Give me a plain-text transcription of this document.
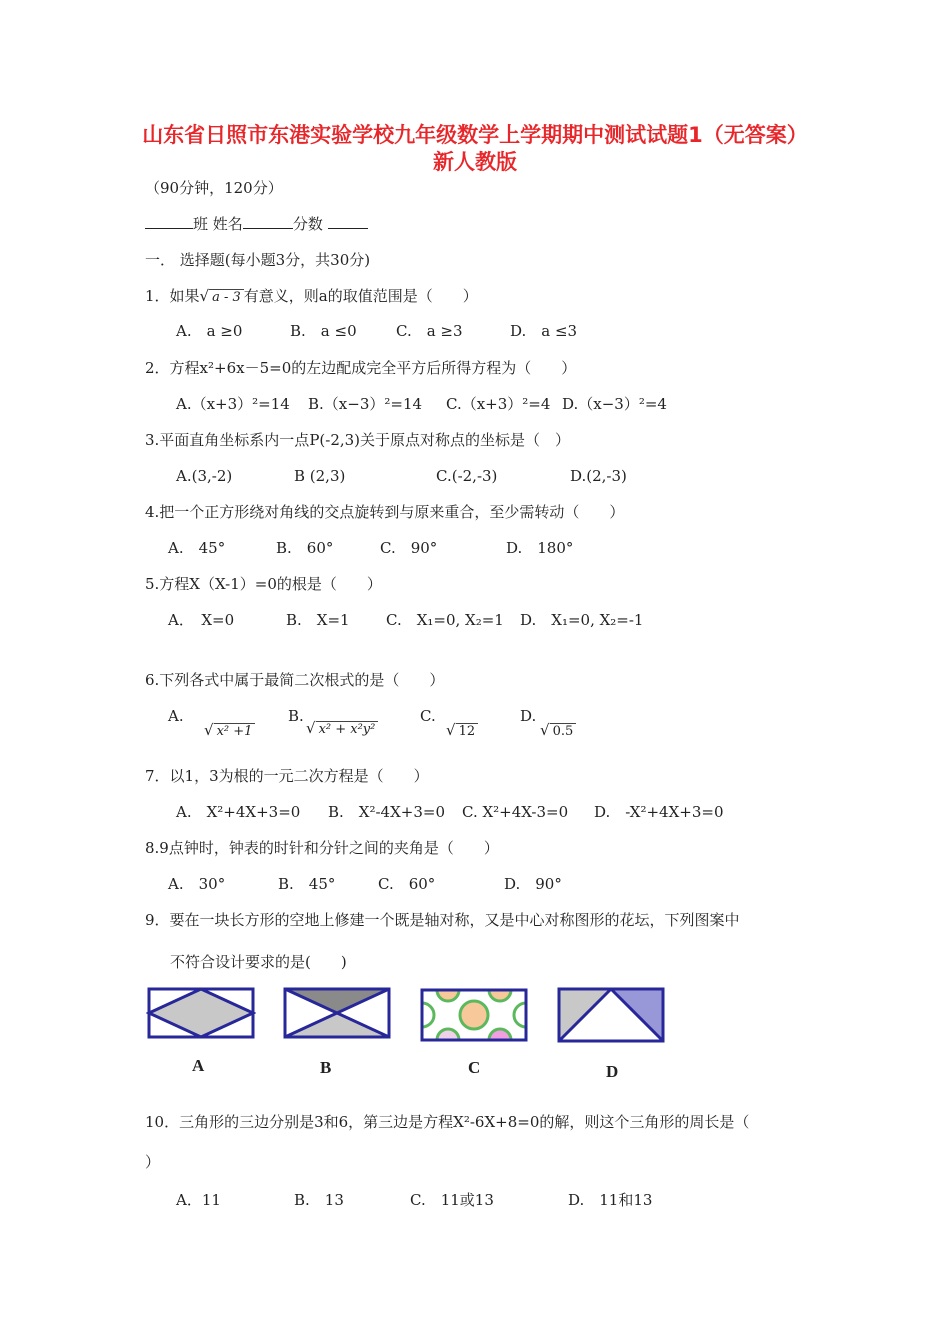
山东省日照市东港实验学校九年级数学上学期期中测试试题1（无答案） 新人教版
（90分钟，120分）
班 姓名	分数
一． 选择题(每小题3分，共30分)
1．如果√ a - 3 有意义，则a的取值范围是（　　）
A.　a ≥0	B.　a ≤0	C.　a ≥3	D.　a ≤3
2．方程x²+6x－5=0的左边配成完全平方后所得方程为（　　）
A.（x+3）²=14 B.（x−3）²=14 C.（x+3）²=4 D.（x−3）²=4
3.平面直角坐标系内一点P(-2,3)关于原点对称点的坐标是（　）
A.(3,-2)	B (2,3)	C.(-2,-3)	D.(2,-3)
4.把一个正方形绕对角线的交点旋转到与原来重合，至少需转动（　　）
A.　45°	B.　60°	C.　90°	D.　180°
5.方程X（X-1）=0的根是（　　）
A．　X=0	B.　X=1 C.　X₁=0, X₂=1 D.　X₁=0, X₂=-1
6.下列各式中属于最简二次根式的是（　　）
A.	B.	C.	D.
√ x² +1	√ x² + x²y²	√ 12	√ 0.5
7．以1，3为根的一元二次方程是（　　）
A.　X²+4X+3=0 B.　X²-4X+3=0 C. X²+4X-3=0 D.　-X²+4X+3=0
8.9点钟时，钟表的时针和分针之间的夹角是（　　）
A.　30°	B.　45°	C.　60°	D.　90°
9．要在一块长方形的空地上修建一个既是轴对称，又是中心对称图形的花坛，下列图案中
不符合设计要求的是(　　)
A	B	C	D
10．三角形的三边分别是3和6，第三边是方程X²-6X+8=0的解，则这个三角形的周长是（
）
A．11	B.　13	C.　11或13	D.　11和13
